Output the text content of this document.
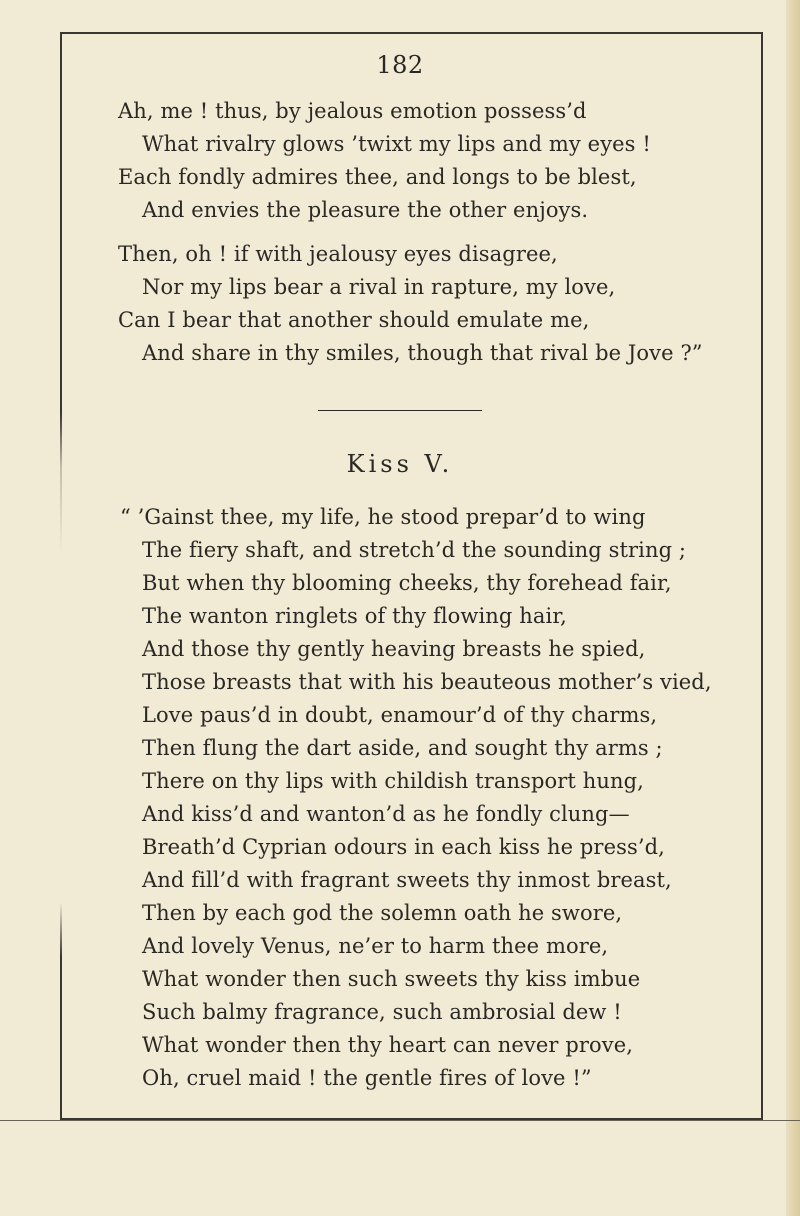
182
Ah, me ! thus, by jealous emotion possess’d
What rivalry glows ’twixt my lips and my eyes !
Each fondly admires thee, and longs to be blest,
And envies the pleasure the other enjoys.
Then, oh ! if with jealousy eyes disagree,
Nor my lips bear a rival in rapture, my love,
Can I bear that another should emulate me,
And share in thy smiles, though that rival be Jove ?”
Kiss V.
“ ’Gainst thee, my life, he stood prepar’d to wing
The fiery shaft, and stretch’d the sounding string ;
But when thy blooming cheeks, thy forehead fair,
The wanton ringlets of thy flowing hair,
And those thy gently heaving breasts he spied,
Those breasts that with his beauteous mother’s vied,
Love paus’d in doubt, enamour’d of thy charms,
Then flung the dart aside, and sought thy arms ;
There on thy lips with childish transport hung,
And kiss’d and wanton’d as he fondly clung—
Breath’d Cyprian odours in each kiss he press’d,
And fill’d with fragrant sweets thy inmost breast,
Then by each god the solemn oath he swore,
And lovely Venus, ne’er to harm thee more,
What wonder then such sweets thy kiss imbue
Such balmy fragrance, such ambrosial dew !
What wonder then thy heart can never prove,
Oh, cruel maid ! the gentle fires of love !”
